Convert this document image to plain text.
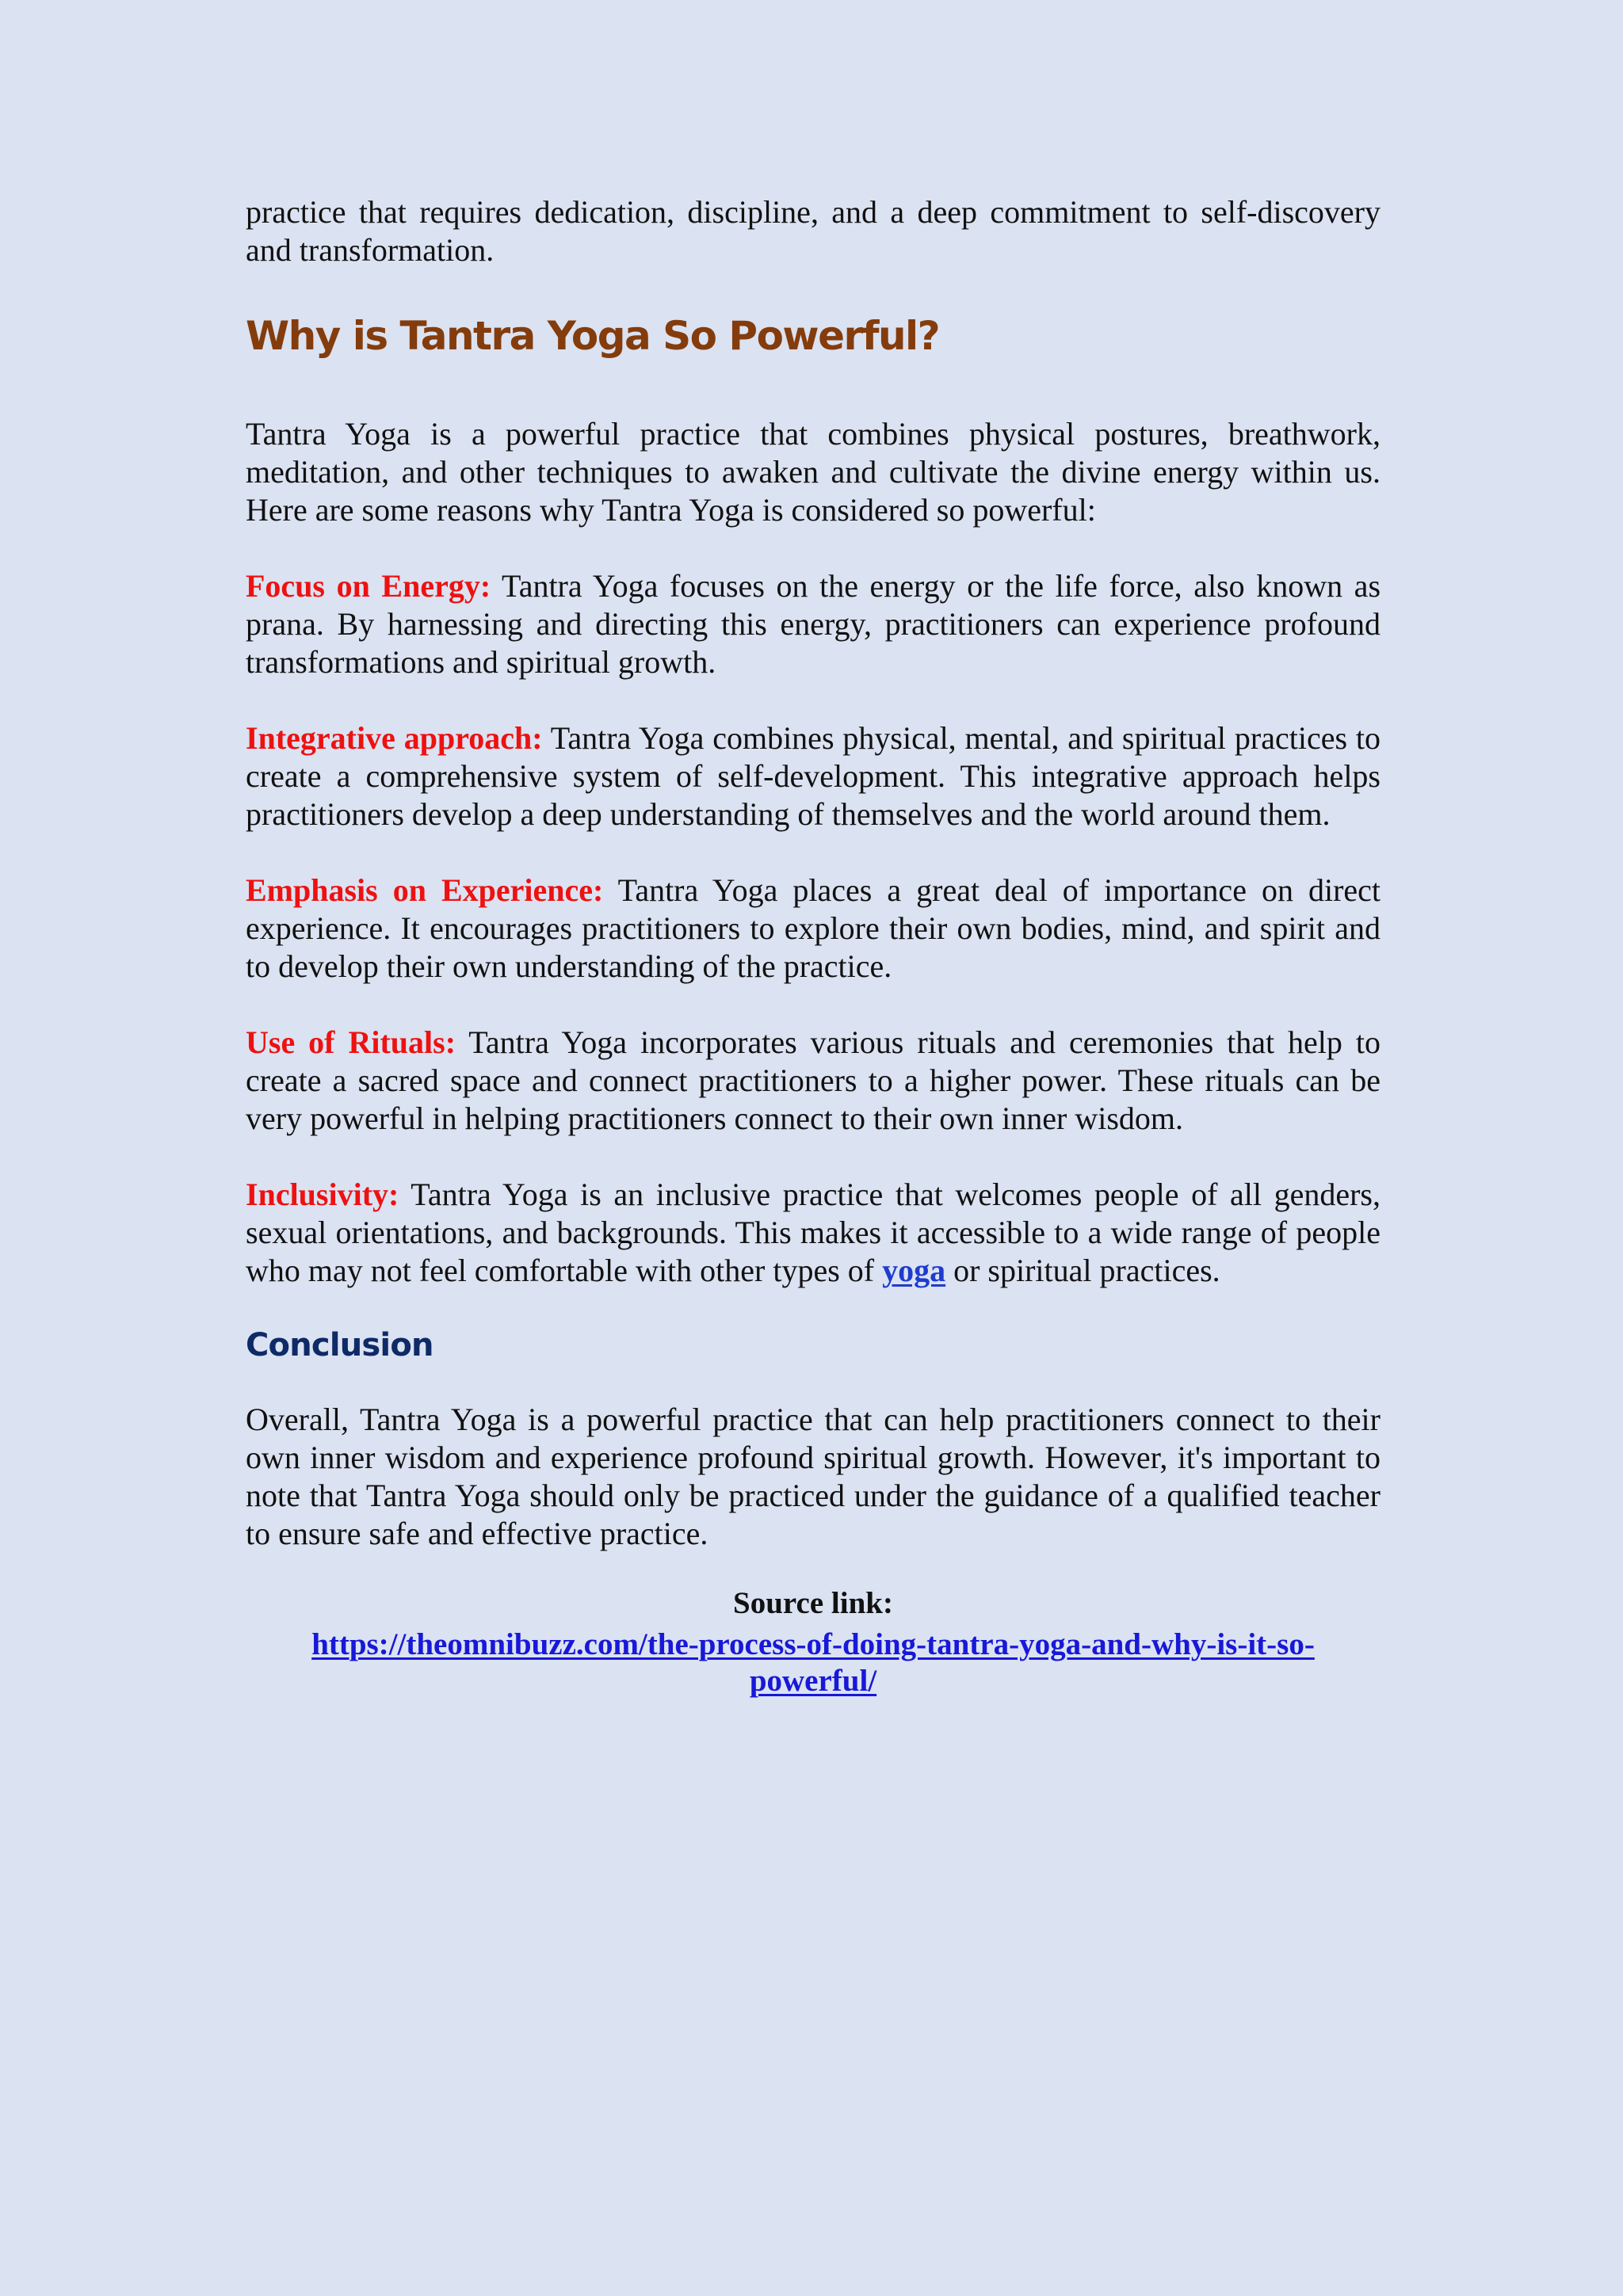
practice that requires dedication, discipline, and a deep commitment to self-discovery and transformation.

Why is Tantra Yoga So Powerful?

Tantra Yoga is a powerful practice that combines physical postures, breathwork, meditation, and other techniques to awaken and cultivate the divine energy within us. Here are some reasons why Tantra Yoga is considered so powerful:

Focus on Energy: Tantra Yoga focuses on the energy or the life force, also known as prana. By harnessing and directing this energy, practitioners can experience profound transformations and spiritual growth.

Integrative approach: Tantra Yoga combines physical, mental, and spiritual practices to create a comprehensive system of self-development. This integrative approach helps practitioners develop a deep understanding of themselves and the world around them.

Emphasis on Experience: Tantra Yoga places a great deal of importance on direct experience. It encourages practitioners to explore their own bodies, mind, and spirit and to develop their own understanding of the practice.

Use of Rituals: Tantra Yoga incorporates various rituals and ceremonies that help to create a sacred space and connect practitioners to a higher power. These rituals can be very powerful in helping practitioners connect to their own inner wisdom.

Inclusivity: Tantra Yoga is an inclusive practice that welcomes people of all genders, sexual orientations, and backgrounds. This makes it accessible to a wide range of people who may not feel comfortable with other types of yoga or spiritual practices.

Conclusion

Overall, Tantra Yoga is a powerful practice that can help practitioners connect to their own inner wisdom and experience profound spiritual growth. However, it's important to note that Tantra Yoga should only be practiced under the guidance of a qualified teacher to ensure safe and effective practice.

Source link:
https://theomnibuzz.com/the-process-of-doing-tantra-yoga-and-why-is-it-so-powerful/
